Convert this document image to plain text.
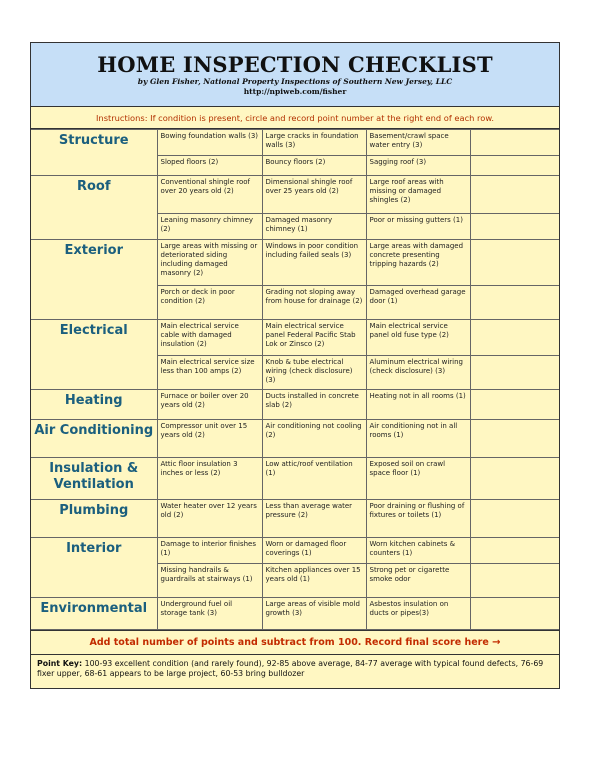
HOME INSPECTION CHECKLIST
by Glen Fisher, National Property Inspections of Southern New Jersey, LLC
http://npiweb.com/fisher
Instructions: If condition is present, circle and record point number at the right end of each row.
Structure	Bowing foundation walls (3)	Large cracks in foundation walls (3)	Basement/crawl space water entry (3)	
	Sloped floors (2)	Bouncy floors (2)	Sagging roof (3)	
Roof	Conventional shingle roof over 20 years old (2)	Dimensional shingle roof over 25 years old (2)	Large roof areas with missing or damaged shingles (2)	
	Leaning masonry chimney (2)	Damaged masonry chimney (1)	Poor or missing gutters (1)	
Exterior	Large areas with missing or deteriorated siding including damaged masonry (2)	Windows in poor condition including failed seals (3)	Large areas with damaged concrete presenting tripping hazards (2)	
	Porch or deck in poor condition (2)	Grading not sloping away from house for drainage (2)	Damaged overhead garage door (1)	
Electrical	Main electrical service cable with damaged insulation (2)	Main electrical service panel Federal Pacific Stab Lok or Zinsco (2)	Main electrical service panel old fuse type (2)	
	Main electrical service size less than 100 amps (2)	Knob & tube electrical wiring (check disclosure) (3)	Aluminum electrical wiring (check disclosure) (3)	
Heating	Furnace or boiler over 20 years old (2)	Ducts installed in concrete slab (2)	Heating not in all rooms (1)	
Air Conditioning	Compressor unit over 15 years old (2)	Air conditioning not cooling (2)	Air conditioning not in all rooms (1)	
Insulation & Ventilation	Attic floor insulation 3 inches or less (2)	Low attic/roof ventilation (1)	Exposed soil on crawl space floor (1)	
Plumbing	Water heater over 12 years old (2)	Less than average water pressure (2)	Poor draining or flushing of fixtures or toilets (1)	
Interior	Damage to interior finishes (1)	Worn or damaged floor coverings (1)	Worn kitchen cabinets & counters (1)	
	Missing handrails & guardrails at stairways (1)	Kitchen appliances over 15 years old (1)	Strong pet or cigarette smoke odor	
Environmental	Underground fuel oil storage tank (3)	Large areas of visible mold growth (3)	Asbestos insulation on ducts or pipes(3)	
Add total number of points and subtract from 100. Record final score here →
Point Key: 100-93 excellent condition (and rarely found), 92-85 above average, 84-77 average with typical found defects, 76-69 fixer upper, 68-61 appears to be large project, 60-53 bring bulldozer
